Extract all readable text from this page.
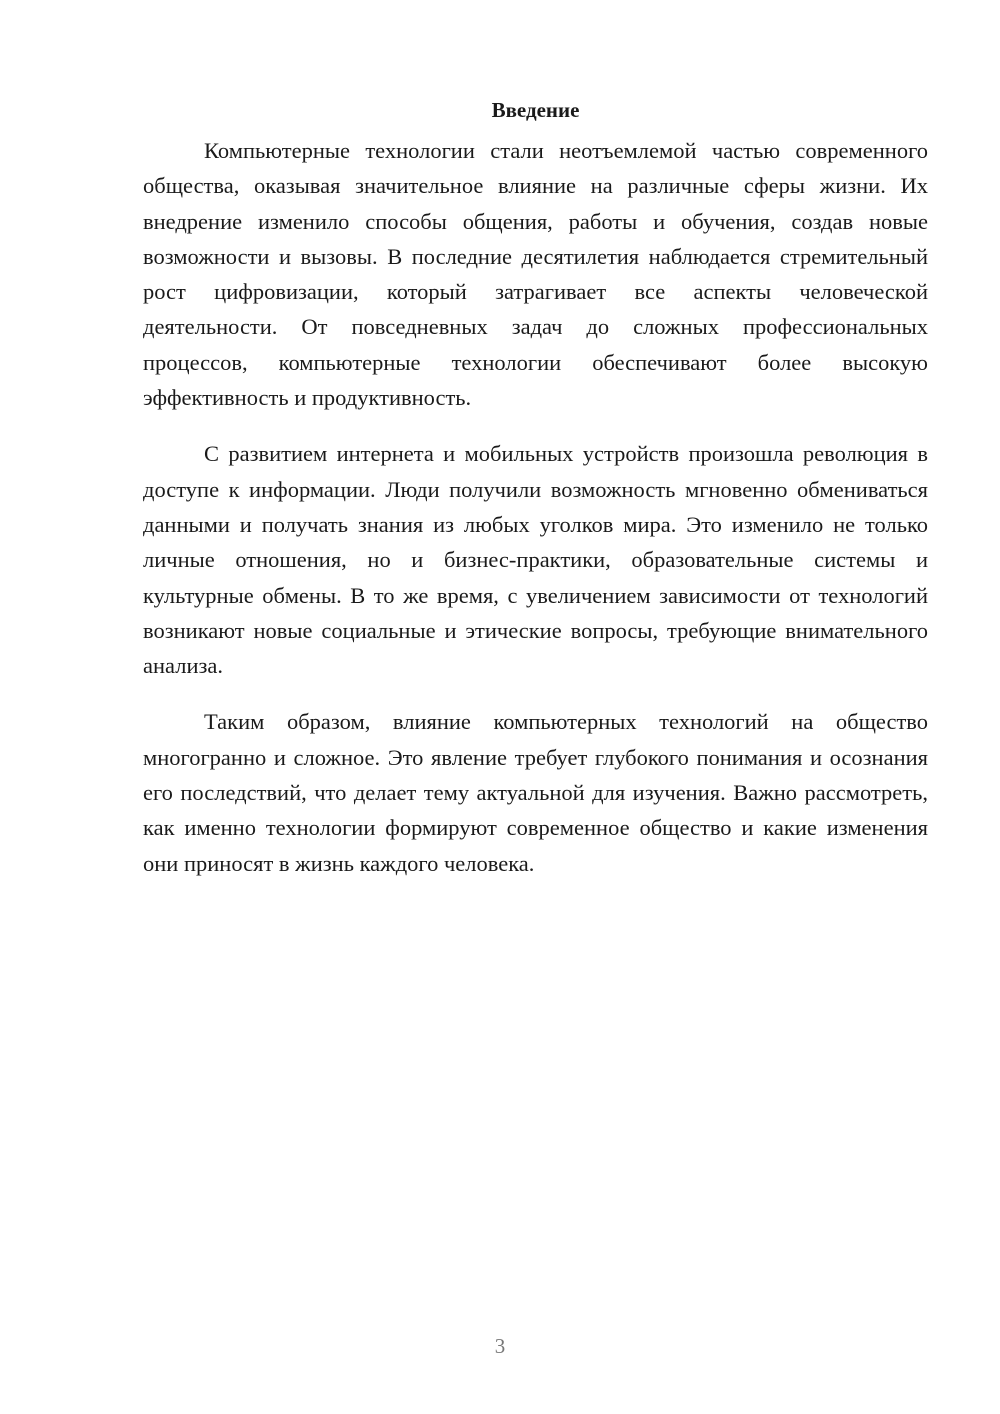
Введение

Компьютерные технологии стали неотъемлемой частью современного общества, оказывая значительное влияние на различные сферы жизни. Их внедрение изменило способы общения, работы и обучения, создав новые возможности и вызовы. В последние десятилетия наблюдается стремительный рост цифровизации, который затрагивает все аспекты человеческой деятельности. От повседневных задач до сложных профессиональных процессов, компьютерные технологии обеспечивают более высокую эффективность и продуктивность.

С развитием интернета и мобильных устройств произошла революция в доступе к информации. Люди получили возможность мгновенно обмениваться данными и получать знания из любых уголков мира. Это изменило не только личные отношения, но и бизнес-практики, образовательные системы и культурные обмены. В то же время, с увеличением зависимости от технологий возникают новые социальные и этические вопросы, требующие внимательного анализа.

Таким образом, влияние компьютерных технологий на общество многогранно и сложное. Это явление требует глубокого понимания и осознания его последствий, что делает тему актуальной для изучения. Важно рассмотреть, как именно технологии формируют современное общество и какие изменения они приносят в жизнь каждого человека.

3
